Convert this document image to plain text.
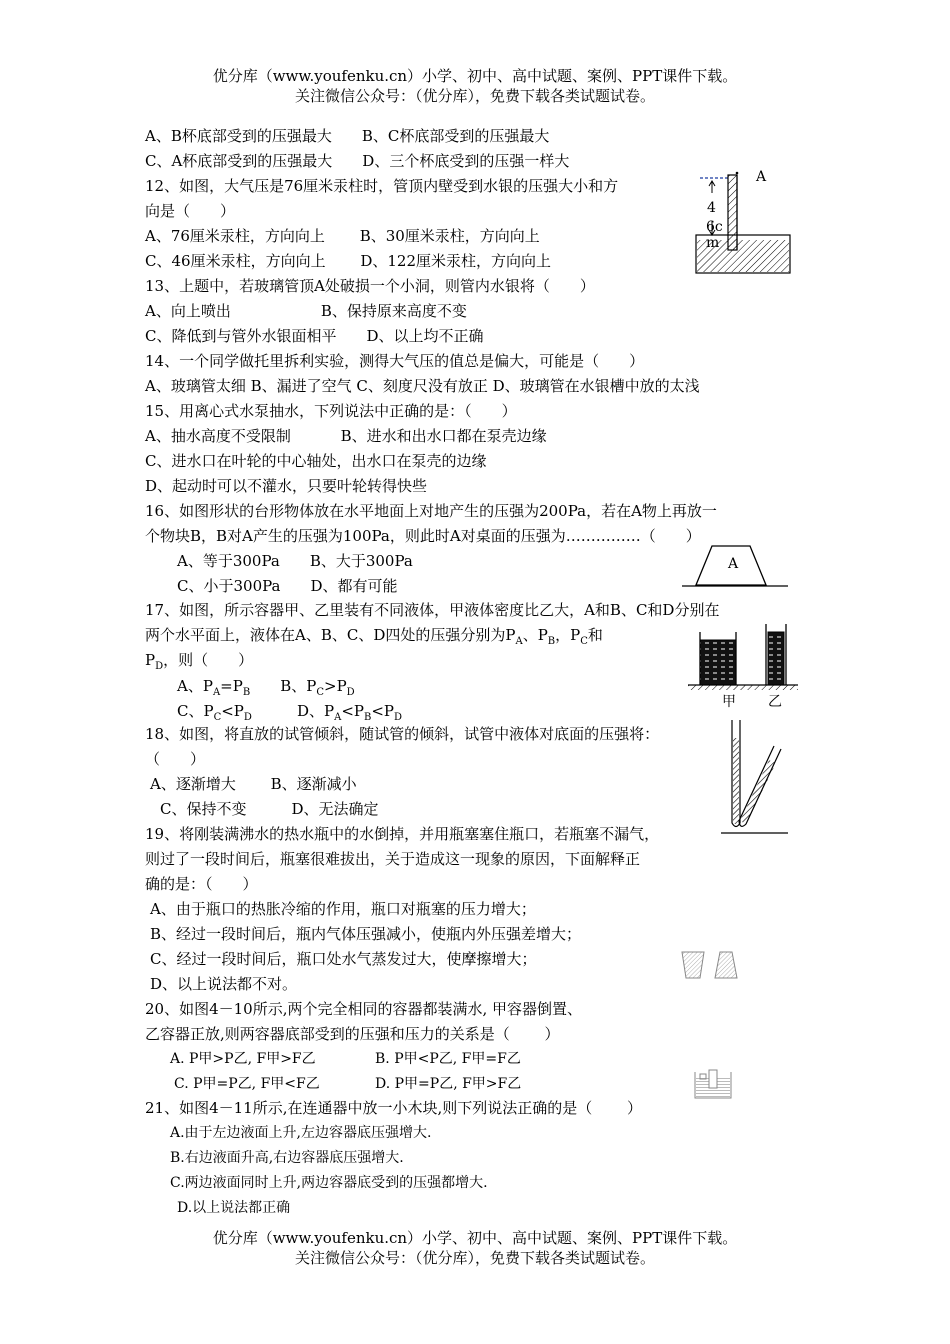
优分库（www.youfenku.cn）小学、初中、高中试题、案例、PPT课件下载。
关注微信公众号：（优分库），免费下载各类试题试卷。
A、B杯底部受到的压强最大　　B、C杯底部受到的压强最大
C、A杯底部受到的压强最大　　D、三个杯底受到的压强一样大
12、如图，大气压是76厘米汞柱时，管顶内壁受到水银的压强大小和方
向是（　　）
A、76厘米汞柱，方向向上　　 B、30厘米汞柱，方向向上
C、46厘米汞柱，方向向上　　 D、122厘米汞柱，方向向上
A
4
6c
m
13、上题中，若玻璃管顶A处破损一个小洞，则管内水银将（　　）
A、向上喷出　　　　　　B、保持原来高度不变
C、降低到与管外水银面相平　　D、以上均不正确
14、一个同学做托里拆利实验，测得大气压的值总是偏大，可能是（　　）
A、玻璃管太细 B、漏进了空气 C、刻度尺没有放正 D、玻璃管在水银槽中放的太浅
15、用离心式水泵抽水，下列说法中正确的是：（　　）
A、抽水高度不受限制　　　 B、进水和出水口都在泵壳边缘
C、进水口在叶轮的中心轴处，出水口在泵壳的边缘
D、起动时可以不灌水，只要叶轮转得快些
16、如图形状的台形物体放在水平地面上对地产生的压强为200Pa，若在A物上再放一
个物块B，B对A产生的压强为100Pa，则此时A对桌面的压强为……………（　　）
A、等于300Pa　　B、大于300Pa
C、小于300Pa　　D、都有可能
A
17、如图，所示容器甲、乙里装有不同液体，甲液体密度比乙大，A和B、C和D分别在
两个水平面上，液体在A、B、C、D四处的压强分别为$P_A$、$P_B$，$P_C$和
$P_D$，则（　　）
A、$P_A=P_B$　　 B、$P_C>P_D$
C、$P_C<P_D$　　　	D、$P_A<P_B<P_D$
甲 乙
18、如图，将直放的试管倾斜，随试管的倾斜，试管中液体对底面的压强将：
（　　）
A、逐渐增大　　 B、逐渐减小
C、保持不变　　　D、无法确定
19、将刚装满沸水的热水瓶中的水倒掉，并用瓶塞塞住瓶口，若瓶塞不漏气，
则过了一段时间后，瓶塞很难拔出，关于造成这一现象的原因，下面解释正
确的是：（　　）
A、由于瓶口的热胀冷缩的作用，瓶口对瓶塞的压力增大；
B、经过一段时间后，瓶内气体压强减小，使瓶内外压强差增大；
C、经过一段时间后，瓶口处水气蒸发过大，使摩擦增大；
D、以上说法都不对。
20、如图4－10所示,两个完全相同的容器都装满水, 甲容器倒置、
乙容器正放,则两容器底部受到的压强和压力的关系是（　　 ）
A. P甲>P乙, F甲>F乙	B. P甲<P乙, F甲=F乙
C. P甲=P乙, F甲<F乙	D. P甲=P乙, F甲>F乙
21、如图4－11所示,在连通器中放一小木块,则下列说法正确的是（　　 ）
A.由于左边液面上升,左边容器底压强增大.
B.右边液面升高,右边容器底压强增大.
C.两边液面同时上升,两边容器底受到的压强都增大.
D.以上说法都正确
优分库（www.youfenku.cn）小学、初中、高中试题、案例、PPT课件下载。
关注微信公众号：（优分库），免费下载各类试题试卷。
